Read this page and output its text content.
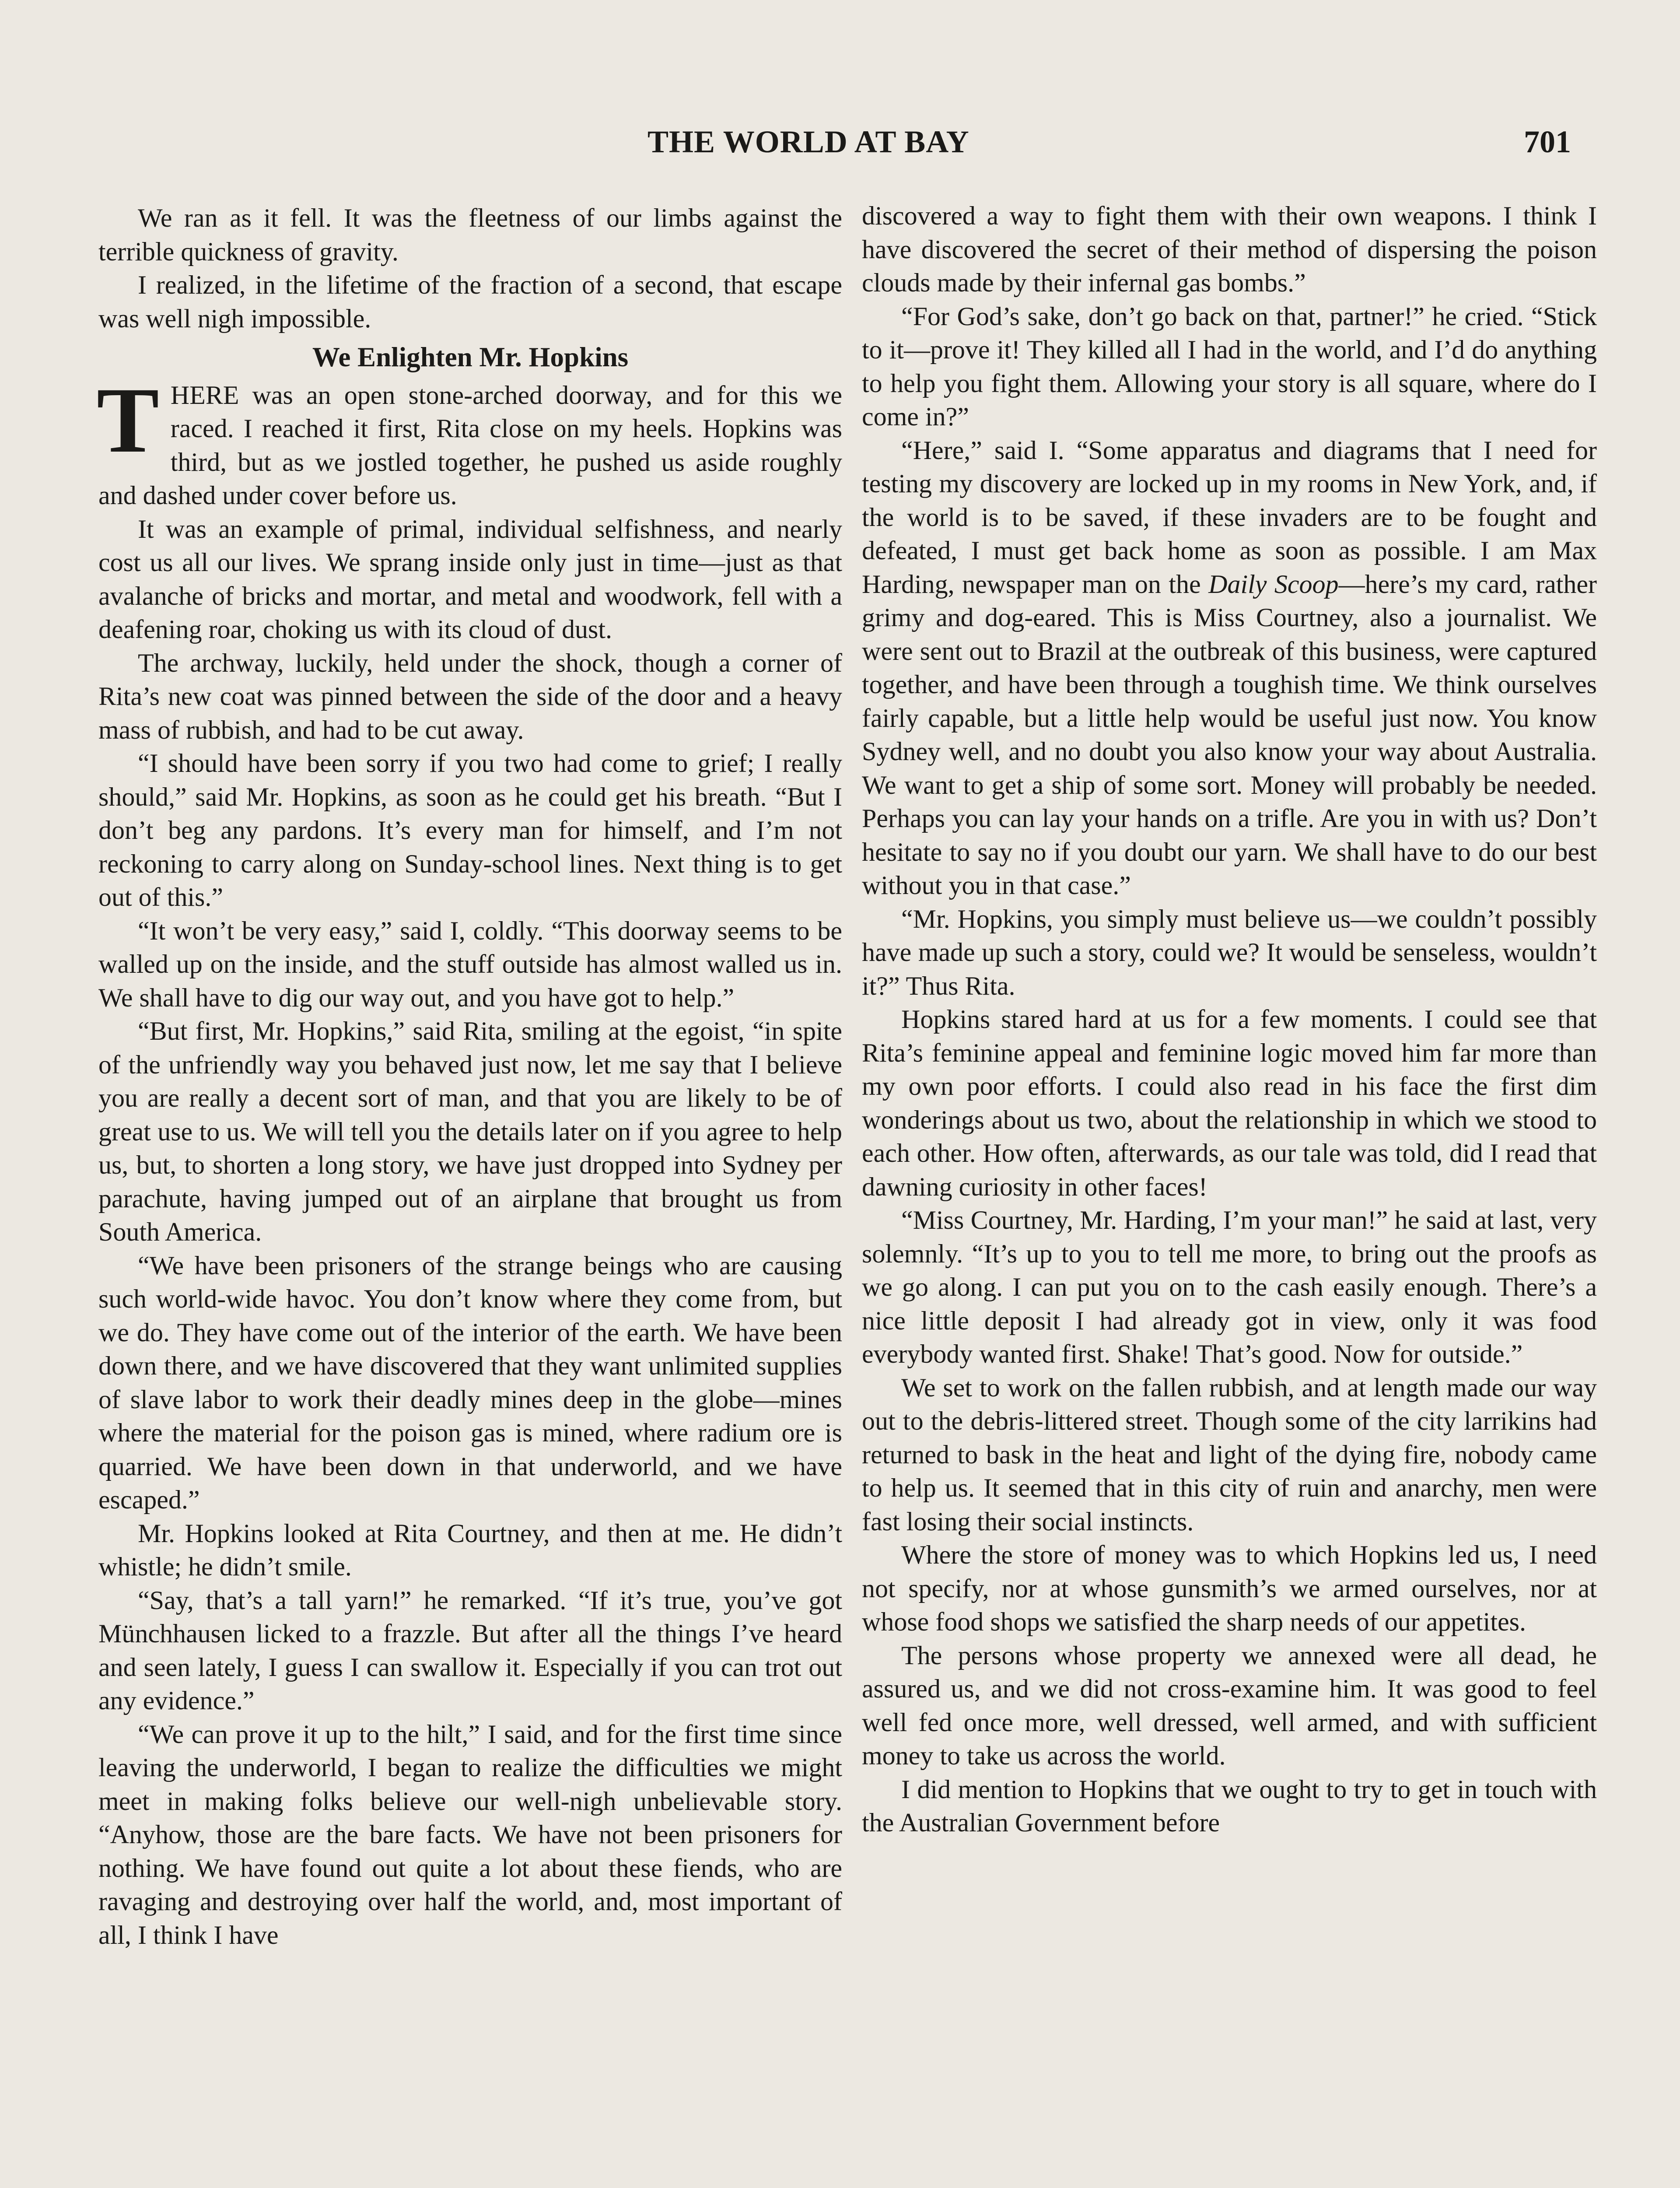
THE WORLD AT BAY	701

We ran as it fell. It was the fleetness of our limbs against the terrible quickness of gravity.

I realized, in the lifetime of the fraction of a second, that escape was well nigh impossible.

We Enlighten Mr. Hopkins

THERE was an open stone-arched doorway, and for this we raced. I reached it first, Rita close on my heels. Hopkins was third, but as we jostled together, he pushed us aside roughly and dashed under cover before us.

It was an example of primal, individual selfishness, and nearly cost us all our lives. We sprang inside only just in time—just as that avalanche of bricks and mortar, and metal and woodwork, fell with a deafening roar, choking us with its cloud of dust.

The archway, luckily, held under the shock, though a corner of Rita’s new coat was pinned between the side of the door and a heavy mass of rubbish, and had to be cut away.

“I should have been sorry if you two had come to grief; I really should,” said Mr. Hopkins, as soon as he could get his breath. “But I don’t beg any pardons. It’s every man for himself, and I’m not reckoning to carry along on Sunday-school lines. Next thing is to get out of this.”

“It won’t be very easy,” said I, coldly. “This doorway seems to be walled up on the inside, and the stuff outside has almost walled us in. We shall have to dig our way out, and you have got to help.”

“But first, Mr. Hopkins,” said Rita, smiling at the egoist, “in spite of the unfriendly way you behaved just now, let me say that I believe you are really a decent sort of man, and that you are likely to be of great use to us. We will tell you the details later on if you agree to help us, but, to shorten a long story, we have just dropped into Sydney per parachute, having jumped out of an airplane that brought us from South America.

“We have been prisoners of the strange beings who are causing such world-wide havoc. You don’t know where they come from, but we do. They have come out of the interior of the earth. We have been down there, and we have discovered that they want unlimited supplies of slave labor to work their deadly mines deep in the globe—mines where the material for the poison gas is mined, where radium ore is quarried. We have been down in that underworld, and we have escaped.”

Mr. Hopkins looked at Rita Courtney, and then at me. He didn’t whistle; he didn’t smile.

“Say, that’s a tall yarn!” he remarked. “If it’s true, you’ve got Münchhausen licked to a frazzle. But after all the things I’ve heard and seen lately, I guess I can swallow it. Especially if you can trot out any evidence.”

“We can prove it up to the hilt,” I said, and for the first time since leaving the underworld, I began to realize the difficulties we might meet in making folks believe our well-nigh unbelievable story. “Anyhow, those are the bare facts. We have not been prisoners for nothing. We have found out quite a lot about these fiends, who are ravaging and destroying over half the world, and, most important of all, I think I have

discovered a way to fight them with their own weapons. I think I have discovered the secret of their method of dispersing the poison clouds made by their infernal gas bombs.”

“For God’s sake, don’t go back on that, partner!” he cried. “Stick to it—prove it! They killed all I had in the world, and I’d do anything to help you fight them. Allowing your story is all square, where do I come in?”

“Here,” said I. “Some apparatus and diagrams that I need for testing my discovery are locked up in my rooms in New York, and, if the world is to be saved, if these invaders are to be fought and defeated, I must get back home as soon as possible. I am Max Harding, newspaper man on the Daily Scoop—here’s my card, rather grimy and dog-eared. This is Miss Courtney, also a journalist. We were sent out to Brazil at the outbreak of this business, were captured together, and have been through a toughish time. We think ourselves fairly capable, but a little help would be useful just now. You know Sydney well, and no doubt you also know your way about Australia. We want to get a ship of some sort. Money will probably be needed. Perhaps you can lay your hands on a trifle. Are you in with us? Don’t hesitate to say no if you doubt our yarn. We shall have to do our best without you in that case.”

“Mr. Hopkins, you simply must believe us—we couldn’t possibly have made up such a story, could we? It would be senseless, wouldn’t it?” Thus Rita.

Hopkins stared hard at us for a few moments. I could see that Rita’s feminine appeal and feminine logic moved him far more than my own poor efforts. I could also read in his face the first dim wonderings about us two, about the relationship in which we stood to each other. How often, afterwards, as our tale was told, did I read that dawning curiosity in other faces!

“Miss Courtney, Mr. Harding, I’m your man!” he said at last, very solemnly. “It’s up to you to tell me more, to bring out the proofs as we go along. I can put you on to the cash easily enough. There’s a nice little deposit I had already got in view, only it was food everybody wanted first. Shake! That’s good. Now for outside.”

We set to work on the fallen rubbish, and at length made our way out to the debris-littered street. Though some of the city larrikins had returned to bask in the heat and light of the dying fire, nobody came to help us. It seemed that in this city of ruin and anarchy, men were fast losing their social instincts.

Where the store of money was to which Hopkins led us, I need not specify, nor at whose gunsmith’s we armed ourselves, nor at whose food shops we satisfied the sharp needs of our appetites.

The persons whose property we annexed were all dead, he assured us, and we did not cross-examine him. It was good to feel well fed once more, well dressed, well armed, and with sufficient money to take us across the world.

I did mention to Hopkins that we ought to try to get in touch with the Australian Government before
